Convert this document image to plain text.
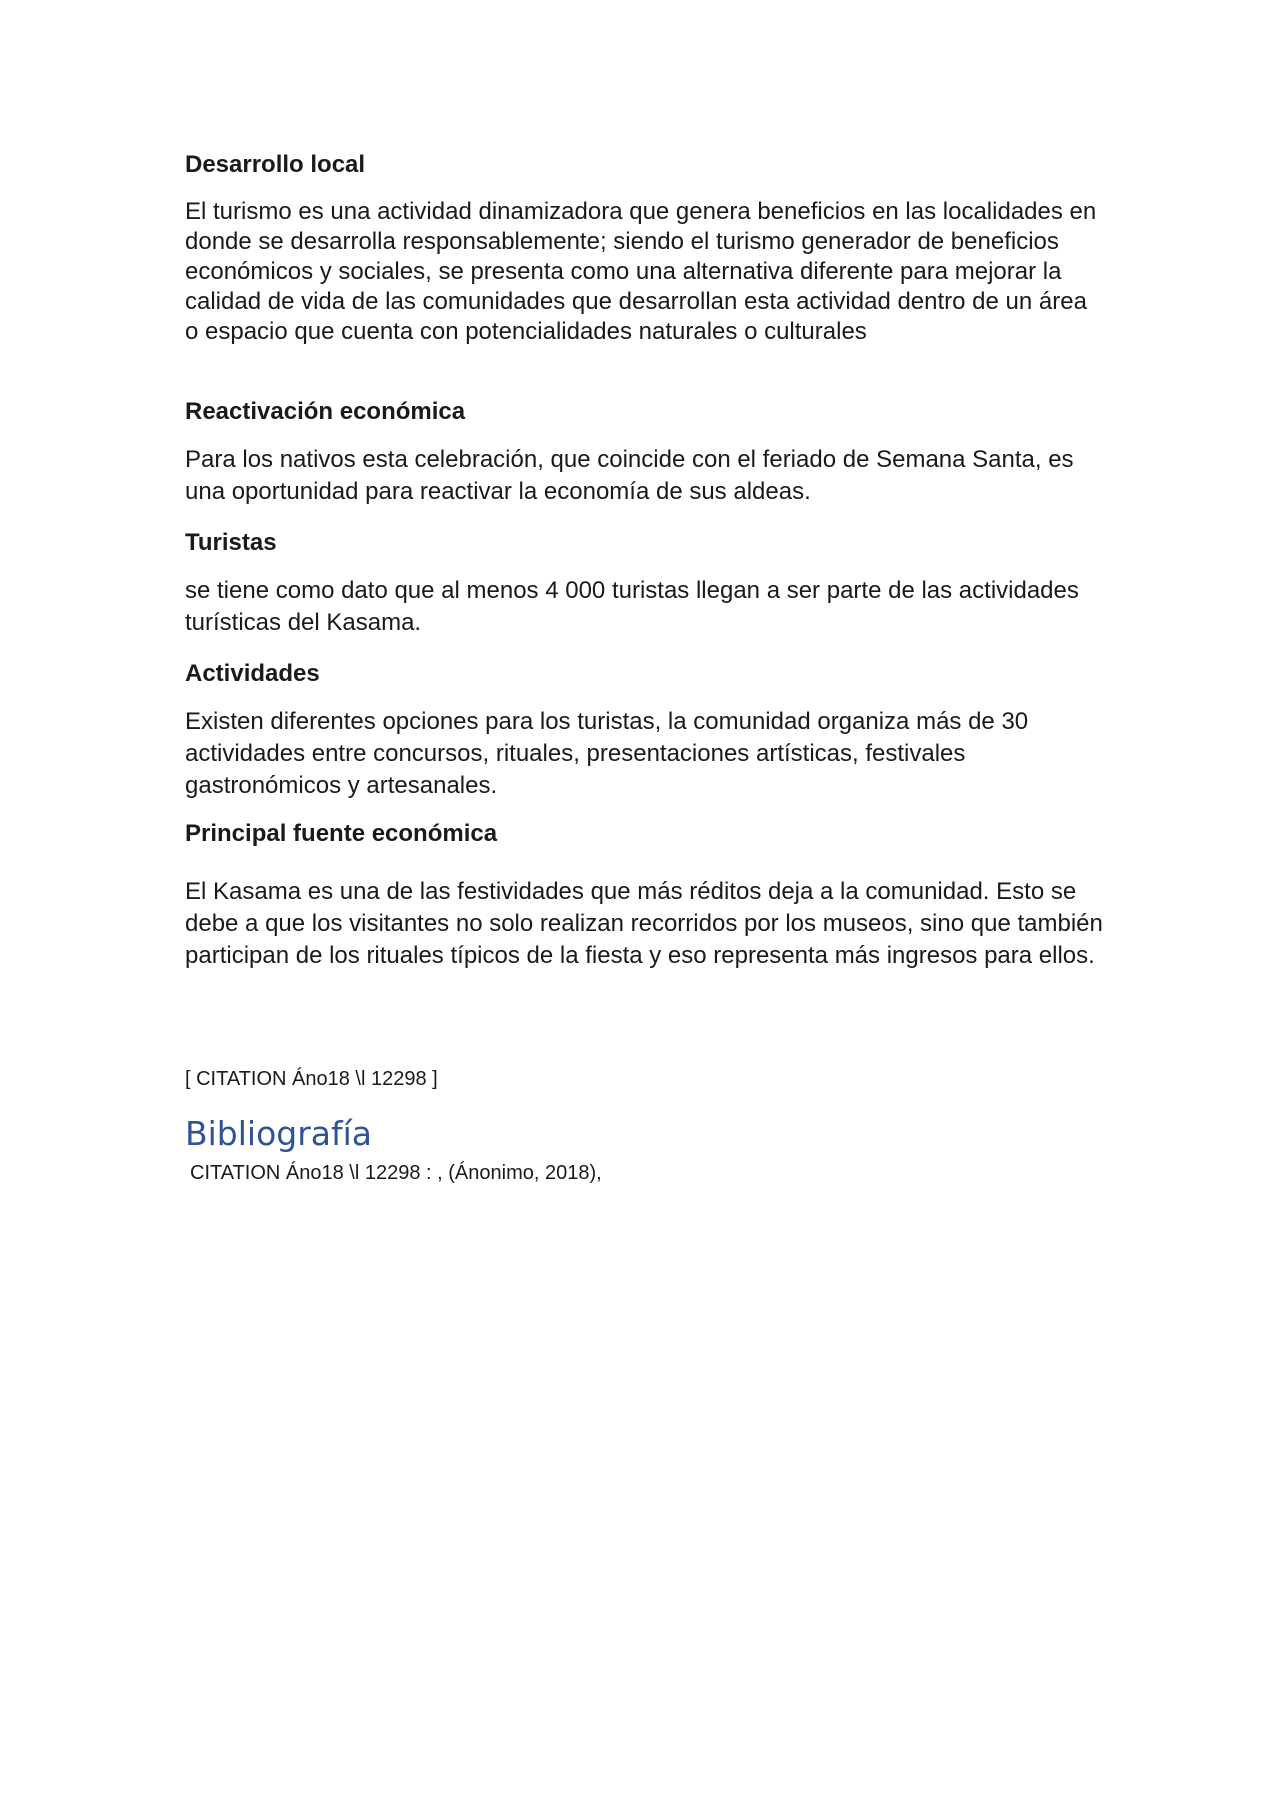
Desarrollo local

El turismo es una actividad dinamizadora que genera beneficios en las localidades en donde se desarrolla responsablemente; siendo el turismo generador de beneficios económicos y sociales, se presenta como una alternativa diferente para mejorar la calidad de vida de las comunidades que desarrollan esta actividad dentro de un área o espacio que cuenta con potencialidades naturales o culturales

Reactivación económica

Para los nativos esta celebración, que coincide con el feriado de Semana Santa, es una oportunidad para reactivar la economía de sus aldeas.

Turistas

se tiene como dato que al menos 4 000 turistas llegan a ser parte de las actividades turísticas del Kasama.

Actividades

Existen diferentes opciones para los turistas, la comunidad organiza más de 30 actividades entre concursos, rituales, presentaciones artísticas, festivales gastronómicos y artesanales.

Principal fuente económica

El Kasama es una de las festividades que más réditos deja a la comunidad. Esto se debe a que los visitantes no solo realizan recorridos por los museos, sino que también participan de los rituales típicos de la fiesta y eso representa más ingresos para ellos.

[ CITATION Áno18 \l 12298 ]

Bibliografía

CITATION Áno18 \l 12298 : , (Ánonimo, 2018),
